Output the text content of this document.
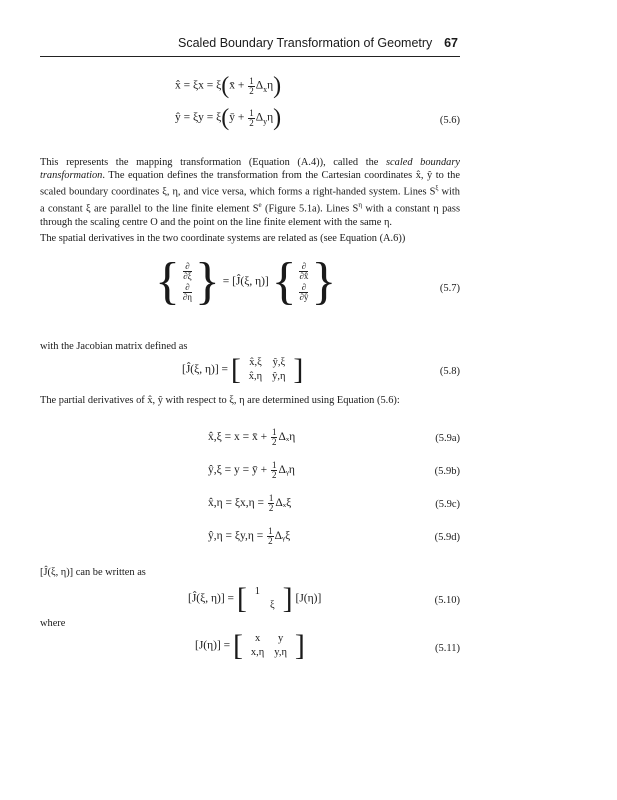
Scaled Boundary Transformation of Geometry 67
x̂ = ξx = ξ(x̄ + $\frac{1}{2} \Delta_x\eta$)
ŷ = ξy = ξ(ȳ + $\frac{1}{2} \Delta_y\eta$)	(5.6)
This represents the mapping transformation (Equation (A.4)), called the scaled boundary transformation. The equation defines the transformation from the Cartesian coordinates x̂, ŷ to the scaled boundary coordinates ξ, η, and vice versa, which forms a right-handed system. Lines $S^\xi$ with a constant ξ are parallel to the line finite element $S^e$ (Figure 5.1a). Lines $S^\eta$ with a constant η pass through the scaling centre O and the point on the line finite element with the same η.
The spatial derivatives in the two coordinate systems are related as (see Equation (A.6))
{ ∂
∂ξ
∂
∂η } = [Ĵ(ξ, η)] { ∂
∂x̂
∂
∂ŷ }	(5.7)
with the Jacobian matrix defined as
[Ĵ(ξ, η)] = [ x̂,ξ	ŷ,ξ
x̂,η	ŷ,η ]	(5.8)
The partial derivatives of x̂, ŷ with respect to ξ, η are determined using Equation (5.6):
x̂,ξ = x = x̄ + $\frac{1}{2}$ Δₓη	(5.9a)
ŷ,ξ = y = ȳ + $\frac{1}{2}$ Δᵧη	(5.9b)
x̂,η = $\xi x,\eta = \frac{1}{2}$ Δₓξ	(5.9c)
ŷ,η = $\xi y,\eta = \frac{1}{2}$ Δᵧξ	(5.9d)
[Ĵ(ξ, η)] can be written as
[Ĵ(ξ, η)] = [ 1	
	ξ ] [J(η)]	(5.10)
where
[J(η)] = [ x	y
x,η	y,η ]	(5.11)
